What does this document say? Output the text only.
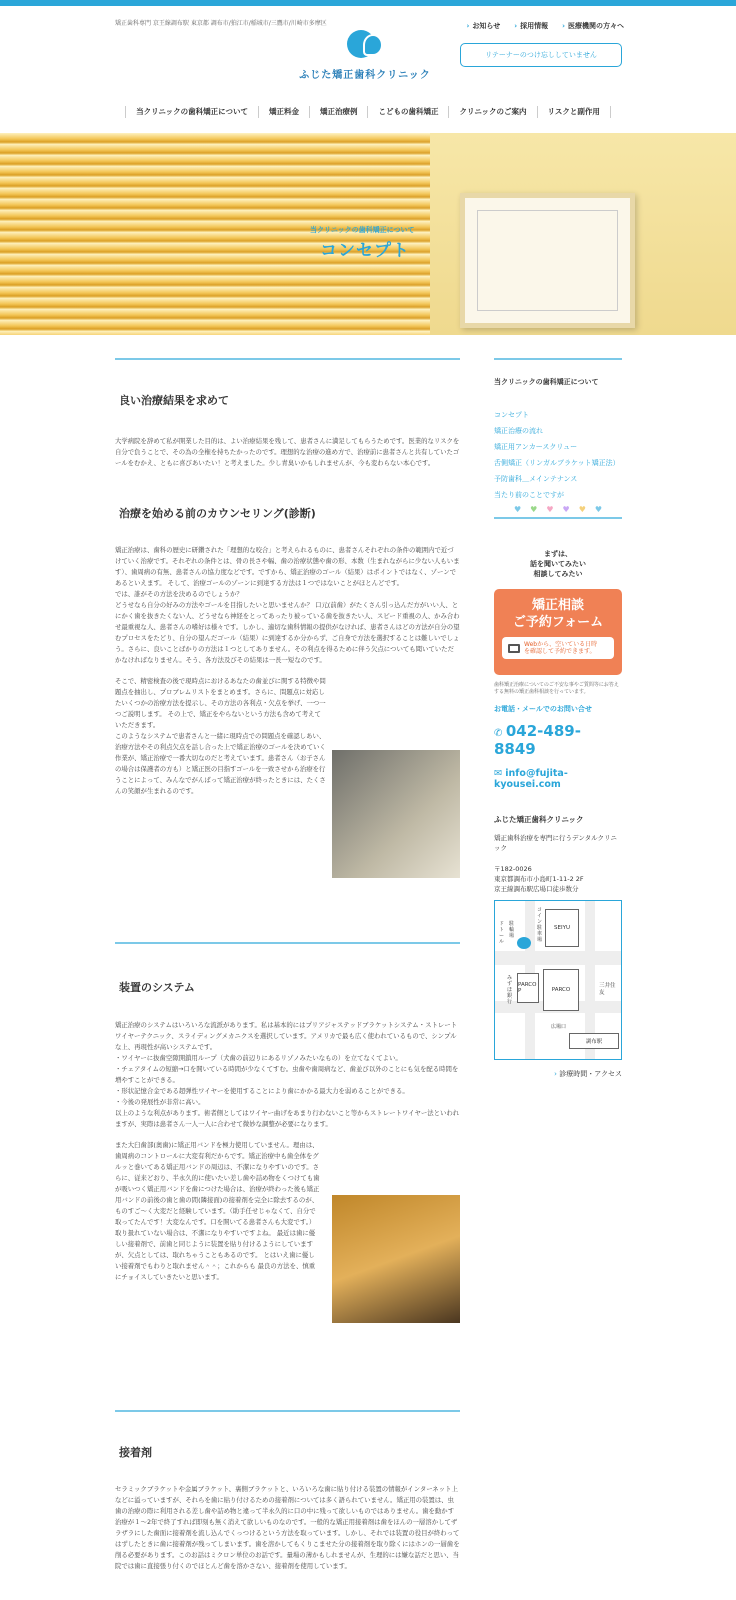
矯正歯科専門 京王線調布駅 東京都 調布市/狛江市/稲城市/三鷹市/川崎市多摩区
ふじた矯正歯科クリニック
› お知らせ › 採用情報 › 医療機関の方々へ
リテーナーのつけ忘ししていません
当クリニックの歯科矯正について	矯正料金	矯正治療例	こどもの歯科矯正	クリニックのご案内	リスクと副作用
当クリニックの歯科矯正について
コンセプト
良い治療結果を求めて
大学病院を辞めて私が開業した目的は、よい治療結果を残して、患者さんに満足してもらうためです。医業的なリスクを自分で負うことで、その為の全権を持ちたかったのです。理想的な治療の進め方で、治療前に患者さんと共有していたゴールをむかえ、ともに喜びあいたい！と考えました。少し青臭いかもしれませんが、今も変わらない本心です。
治療を始める前のカウンセリング(診断)
矯正治療は、歯科の歴史に研鑽された「理想的な咬合」と考えられるものに、患者さんそれぞれの条件の範囲内で近づけていく治療です。それぞれの条件とは、骨の長さや幅、歯の治療状態や歯の形、本数（生まれながらに少ない人もいます）、歯周病の有無、患者さんの協力度などです。ですから、矯正治療のゴール（結果）はポイントではなく、ゾーンであるといえます。 そして、治療ゴールのゾーンに到達する方法は１つではないことがほとんどです。
では、誰がその方法を決めるのでしょうか？
どうせなら自分の好みの方法やゴールを目指したいと思いませんか？ 口元(前歯）がたくさん引っ込んだ方がいい人、とにかく歯を抜きたくない人、どうせなら神経をとってあったり被っている歯を抜きたい人、スピード重視の人、かみ合わせ最重視な人、患者さんの嗜好は様々です。しかし、適切な歯科情報の提供がなければ、患者さんはどの方法が自分の望むプロセスをたどり、自分の望んだゴール（結果）に到達するか分からず、ご自身で方法を選択することは難しいでしょう。さらに、良いことばかりの方法は１つとしてありません。その利点を得るために伴う欠点についても聞いていただかなければなりません。そう、各方法及びその結果は一長一短なのです。
そこで、精密検査の後で現時点におけるあなたの歯並びに関する特徴や問題点を抽出し、プロブレムリストをまとめます。さらに、問題点に対応したいくつかの治療方法を提示し、その方法の各利点・欠点を挙げ、一つ一つご説明します。 その上で、矯正をやらないという方法も含めて考えていただきます。
このようなシステムで患者さんと一緒に現時点での問題点を確認しあい、治療方法やその利点欠点を話し合った上で矯正治療のゴールを決めていく作業が、矯正治療で一番大切なのだと考えています。患者さん（お子さんの場合は保護者の方も）と矯正医の目指すゴールを一致させから治療を行うことによって、みんなでがんばって矯正治療が終ったときには、たくさんの笑顔が生まれるのです。
装置のシステム
矯正治療のシステムはいろいろな流派があります。私は基本的にはプリアジャステッドブラケットシステム・ストレートワイヤーテクニック、スライディングメカニクスを選択しています。アメリカで最も広く使われているもので、シンプルな上、再現性が高いシステムです。
・ワイヤーに抜歯空隙開鎖用ループ（犬歯の前辺りにあるリゾノみたいなもの）を立てなくてよい。
・チェアタイムの短縮→口を開いている時間が少なくてすむ。虫歯や歯周病など、歯並び以外のことにも気を配る時間を増やすことができる。
・形状記憶合金である超弾性ワイヤーを使用することにより歯にかかる最大力を弱めることができる。
・今後の発展性が非常に高い。
以上のような利点があります。術者側としてはワイヤー曲げをあまり行わないこと等からストレートワイヤー法といわれますが、実際は患者さん一人一人に合わせて微妙な調整が必要になります。
また大臼歯部(奥歯)に矯正用バンドを極力使用していません。理由は、歯周病のコントロールに大変有利だからです。矯正治療中も歯全体をグルッと巻いてある矯正用バンドの周辺は、不潔になりやすいのです。さらに、従来どおり、半永久的に使いたい差し歯や詰め物をくつけても歯が吸いつく矯正用バンドを歯につけた場合は、治療が終わった後も矯正用バンドの前後の歯と歯の間(隣接面)の接着剤を完全に除去するのが、ものすご～く大変だと経験しています。（助手任せじゃなくて、自分で取ってたんです！大変なんです。口を開いてる患者さんも大変です。）取り扱れていない場合は、不潔になりやすいですよね。 最近は歯に優しい接着剤で、前歯と同じように装置を貼り付けるようにしていますが、欠点としては、取れちゃうこともあるのです。 とはいえ歯に優しい接着剤でもわりと取れません＾＾；これからも 最良の方法を、慎重にチョイスしていきたいと思います。
接着剤
セラミックブラケットや金属ブラケット、裏側ブラケットと、いろいろな歯に貼り付ける装置の情報がインターネット上などに溢っていますが、それらを歯に貼り付けるための接着剤については多く語られていません。矯正用の装置は、虫歯の治療の際に利用される差し歯や詰め物と違って半永久的に口の中に残って欲しいものではありません。歯を動かす治療が１～2年で終了すれば即刻も無く消えて欲しいものなのです。一般的な矯正用接着剤は歯をほんの一層溶かしてザラザラにした歯面に接着剤を流し込んでくっつけるという方法を取っています。しかし、それでは装置の役目が終わってはずしたときに歯に接着剤が残ってしまいます。歯を溶かしてもくりこませた分の接着剤を取り除くにはホンの一層歯を削る必要があります。このお話はミクロン単位のお話です。量場の薄かもしれませんが、生理的には嫌な話だと思い、当院では歯に直接張り付くのでほとんど歯を溶かさない、接着剤を使用しています。
当クリニックの歯科矯正について
コンセプト
矯正治療の流れ
矯正用アンカースクリュー
舌側矯正（リンガルブラケット矯正法）
予防歯科＿メインテナンス
当たり前のことですが
♥ ♥ ♥ ♥ ♥ ♥
まずは、
話を聞いてみたい
相談してみたい
矯正相談
ご予約フォーム
Webから、空いている日時
を確認して予約できます。
歯科矯正治療についてのご不安な事やご質問等にお答えする無料の矯正歯科相談を行っています。
お電話・メールでのお問い合せ
✆ 042-489-8849
✉ info@fujita-kyousei.com
ふじた矯正歯科クリニック
矯正歯科治療を専門に行うデンタルクリニック
〒182-0026
東京都調布市小島町1-11-2 2F
京王線調布駅広場口徒歩数分
SEIYU
PARCO P	PARCO
三井住友
広場口
調布駅
ドトール
駐輪場
みずほ銀行
コイン駐車場
› 診療時間・アクセス
